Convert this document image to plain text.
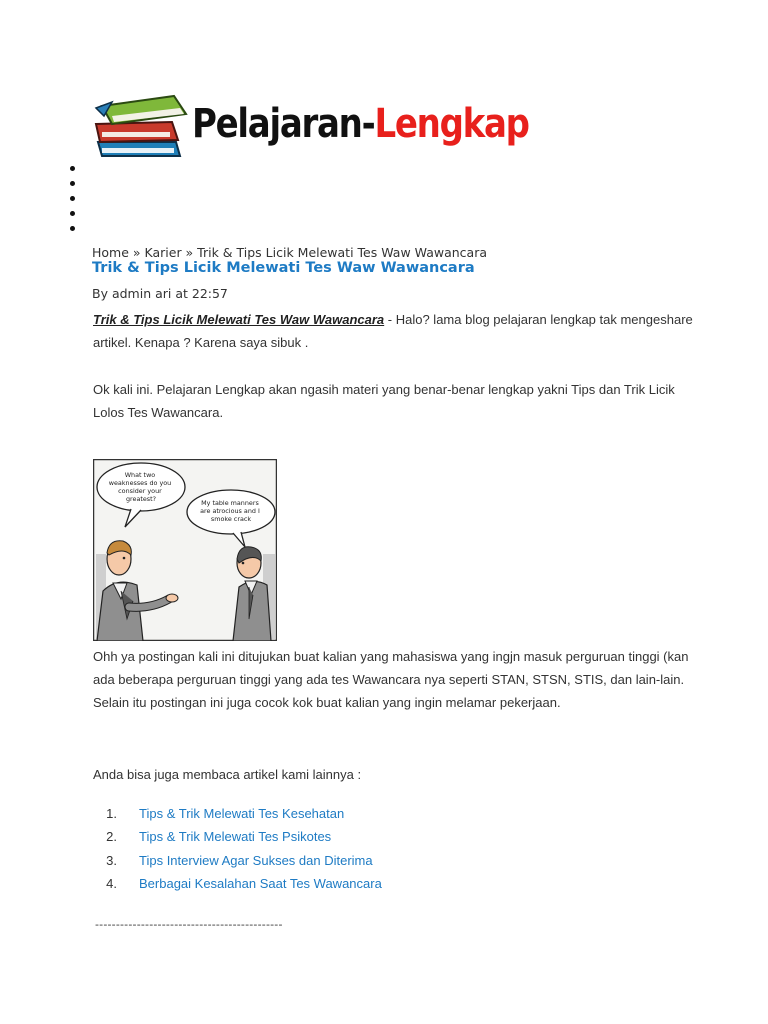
Pelajaran-Lengkap
Home » Karier » Trik & Tips Licik Melewati Tes Waw Wawancara
Trik & Tips Licik Melewati Tes Waw Wawancara
By admin ari at 22:57

Trik & Tips Licik Melewati Tes Waw Wawancara - Halo? lama blog pelajaran lengkap tak mengeshare artikel. Kenapa ? Karena saya sibuk .

Ok kali ini. Pelajaran Lengkap akan ngasih materi yang benar-benar lengkap yakni Tips dan Trik Licik Lolos Tes Wawancara.

What two weaknesses do you consider your greatest?	My table manners are atrocious and I smoke crack

Ohh ya postingan kali ini ditujukan buat kalian yang mahasiswa yang ingjn masuk perguruan tinggi (kan ada beberapa perguruan tinggi yang ada tes Wawancara nya seperti STAN, STSN, STIS, dan lain-lain. Selain itu postingan ini juga cocok kok buat kalian yang ingin melamar pekerjaan.

Anda bisa juga membaca artikel kami lainnya :

1. Tips & Trik Melewati Tes Kesehatan
2. Tips & Trik Melewati Tes Psikotes
3. Tips Interview Agar Sukses dan Diterima
4. Berbagai Kesalahan Saat Tes Wawancara
---------------------------------------------
